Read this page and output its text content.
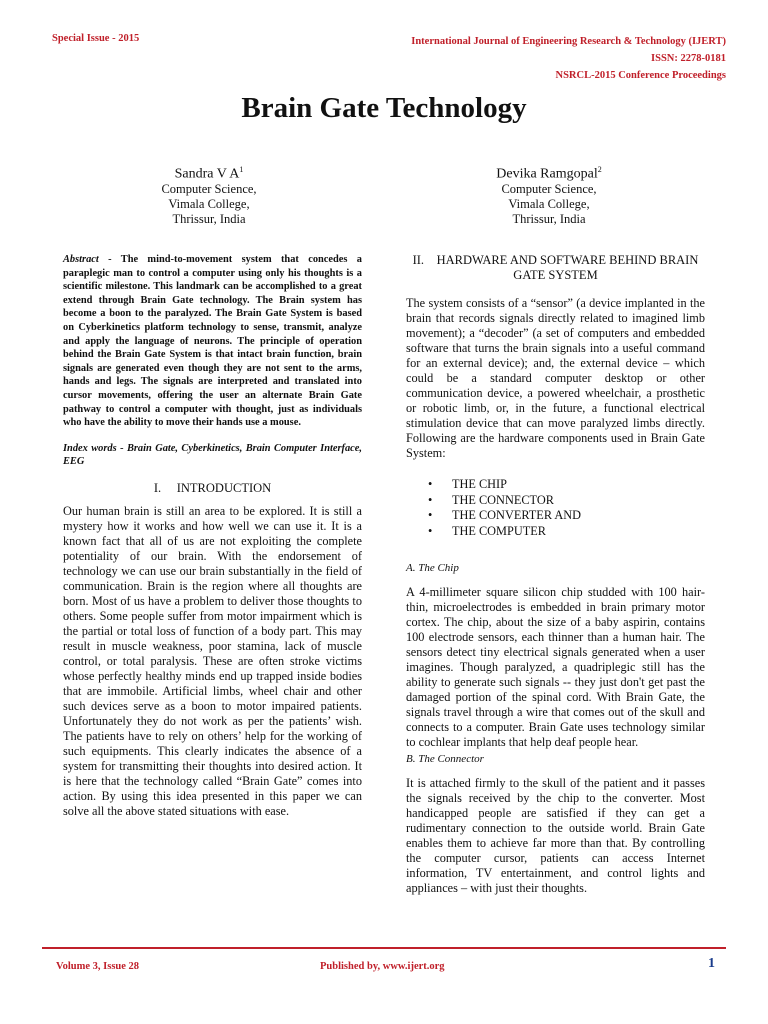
Special Issue - 2015	International Journal of Engineering Research & Technology (IJERT)
ISSN: 2278-0181
NSRCL-2015 Conference Proceedings
Brain Gate Technology
Sandra V $A^1$
Computer Science,
Vimala College,
Thrissur, India
Devika Ramgopal$^2$
Computer Science,
Vimala College,
Thrissur, India

Abstract - The mind-to-movement system that concedes a paraplegic man to control a computer using only his thoughts is a scientific milestone. This landmark can be accomplished to a great extend through Brain Gate technology. The Brain system has become a boon to the paralyzed. The Brain Gate System is based on Cyberkinetics platform technology to sense, transmit, analyze and apply the language of neurons. The principle of operation behind the Brain Gate System is that intact brain function, brain signals are generated even though they are not sent to the arms, hands and legs. The signals are interpreted and translated into cursor movements, offering the user an alternate Brain Gate pathway to control a computer with thought, just as individuals who have the ability to move their hands use a mouse.

Index words - Brain Gate, Cyberkinetics, Brain Computer Interface, EEG

I. INTRODUCTION

Our human brain is still an area to be explored. It is still a mystery how it works and how well we can use it. It is a known fact that all of us are not exploiting the complete potentiality of our brain. With the endorsement of technology we can use our brain substantially in the field of communication. Brain is the region where all thoughts are born. Most of us have a problem to deliver those thoughts to others. Some people suffer from motor impairment which is the partial or total loss of function of a body part. This may result in muscle weakness, poor stamina, lack of muscle control, or total paralysis. These are often stroke victims whose perfectly healthy minds end up trapped inside bodies that are immobile. Artificial limbs, wheel chair and other such devices serve as a boon to motor impaired patients. Unfortunately they do not work as per the patients’ wish. The patients have to rely on others’ help for the working of such equipments. This clearly indicates the absence of a system for transmitting their thoughts into desired action. It is here that the technology called “Brain Gate” comes into action. By using this idea presented in this paper we can solve all the above stated situations with ease.

II. HARDWARE AND SOFTWARE BEHIND BRAIN GATE SYSTEM

The system consists of a “sensor” (a device implanted in the brain that records signals directly related to imagined limb movement); a “decoder” (a set of computers and embedded software that turns the brain signals into a useful command for an external device); and, the external device – which could be a standard computer desktop or other communication device, a powered wheelchair, a prosthetic or robotic limb, or, in the future, a functional electrical stimulation device that can move paralyzed limbs directly. Following are the hardware components used in Brain Gate System:

• THE CHIP
• THE CONNECTOR
• THE CONVERTER AND
• THE COMPUTER

A. The Chip

A 4-millimeter square silicon chip studded with 100 hair-thin, microelectrodes is embedded in brain primary motor cortex. The chip, about the size of a baby aspirin, contains 100 electrode sensors, each thinner than a human hair. The sensors detect tiny electrical signals generated when a user imagines. Though paralyzed, a quadriplegic still has the ability to generate such signals -- they just don't get past the damaged portion of the spinal cord. With Brain Gate, the signals travel through a wire that comes out of the skull and connects to a computer. Brain Gate uses technology similar to cochlear implants that help deaf people hear.

B. The Connector

It is attached firmly to the skull of the patient and it passes the signals received by the chip to the converter. Most handicapped people are satisfied if they can get a rudimentary connection to the outside world. Brain Gate enables them to achieve far more than that. By controlling the computer cursor, patients can access Internet information, TV entertainment, and control lights and appliances – with just their thoughts.

Volume 3, Issue 28	Published by, www.ijert.org	1
